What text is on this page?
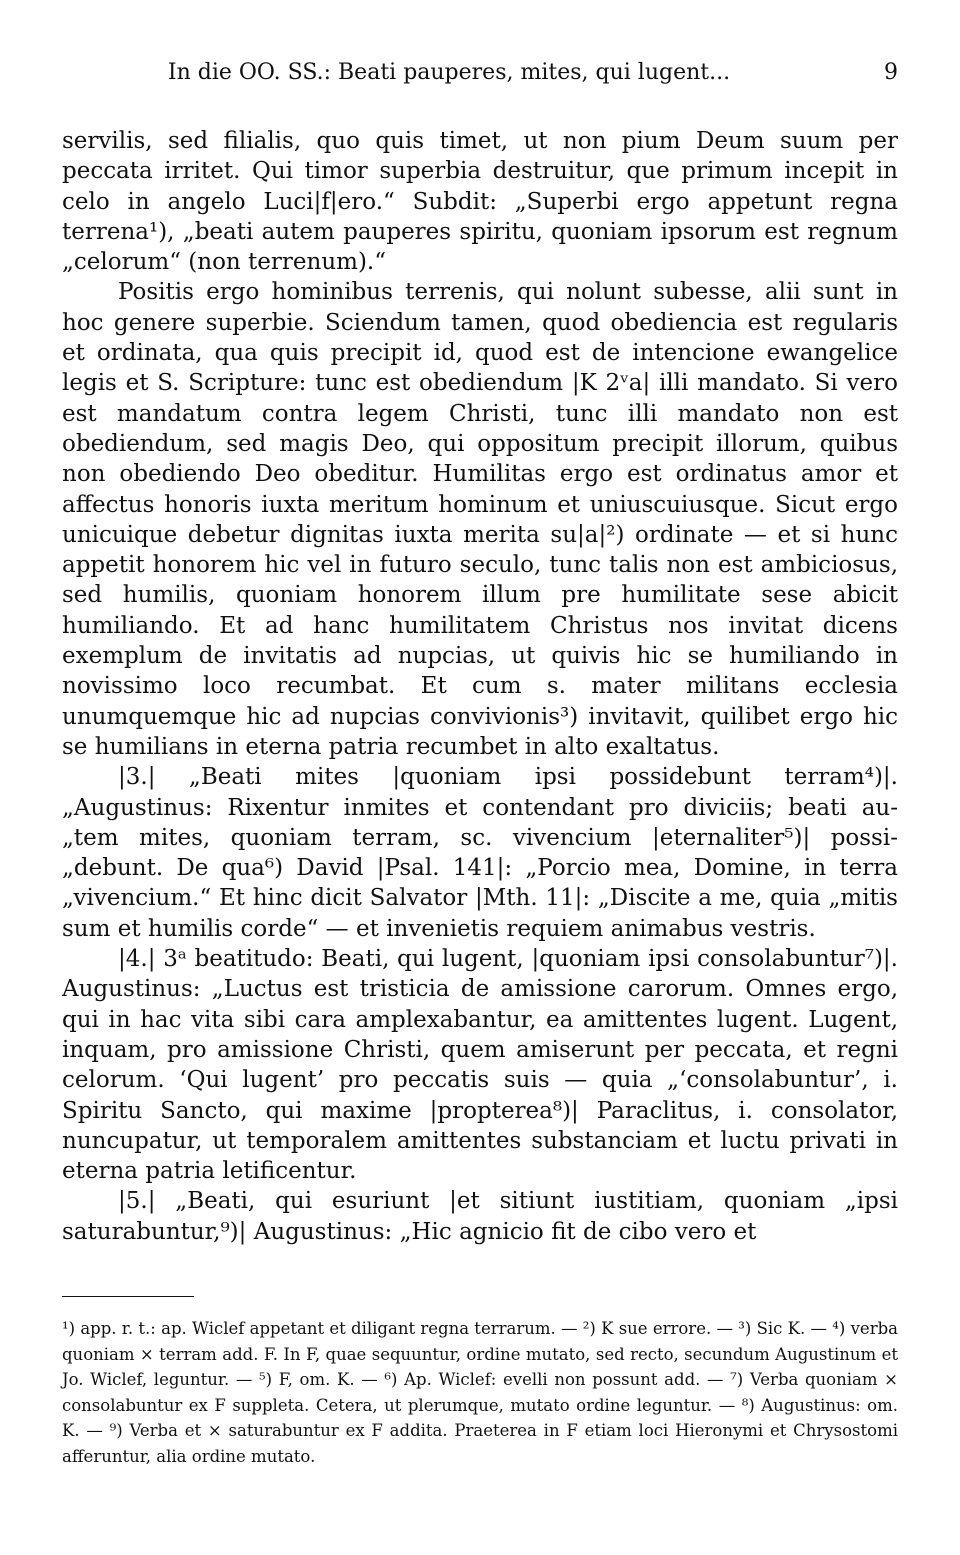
In die OO. SS.: Beati pauperes, mites, qui lugent...	9

servilis, sed filialis, quo quis timet, ut non pium Deum suum per peccata irritet. Qui timor superbia destruitur, que primum incepit in celo in angelo Luci|f|ero.“ Subdit: „Superbi ergo appetunt regna terrena¹), „beati autem pauperes spiritu, quoniam ipsorum est regnum „celorum“ (non terrenum).“

Positis ergo hominibus terrenis, qui nolunt subesse, alii sunt in hoc genere superbie. Sciendum tamen, quod obediencia est regularis et ordinata, qua quis precipit id, quod est de intencione ewangelice legis et S. Scripture: tunc est obediendum |K 2ᵛa| illi mandato. Si vero est mandatum contra legem Christi, tunc illi mandato non est obediendum, sed magis Deo, qui oppositum precipit illorum, quibus non obediendo Deo obeditur. Humilitas ergo est ordinatus amor et affectus honoris iuxta meritum hominum et uniuscuiusque. Sicut ergo unicuique debetur dignitas iuxta merita su|a|²) ordinate — et si hunc appetit honorem hic vel in futuro seculo, tunc talis non est ambiciosus, sed humilis, quoniam honorem illum pre humilitate sese abicit humiliando. Et ad hanc humilitatem Christus nos invitat dicens exemplum de invitatis ad nupcias, ut quivis hic se humiliando in novissimo loco recumbat. Et cum s. mater militans ecclesia unumquemque hic ad nupcias convivionis³) invitavit, quilibet ergo hic se humilians in eterna patria recumbet in alto exaltatus.

|3.| „Beati mites |quoniam ipsi possidebunt terram⁴)|. „Augustinus: Rixentur inmites et contendant pro diviciis; beati au- „tem mites, quoniam terram, sc. vivencium |eternaliter⁵)| possi- „debunt. De qua⁶) David |Psal. 141|: „Porcio mea, Domine, in terra „vivencium.“ Et hinc dicit Salvator |Mth. 11|: „Discite a me, quia „mitis sum et humilis corde“ — et invenietis requiem animabus vestris.

|4.| 3ᵃ beatitudo: Beati, qui lugent, |quoniam ipsi consolabuntur⁷)|. Augustinus: „Luctus est tristicia de amissione carorum. Omnes ergo, qui in hac vita sibi cara amplexabantur, ea amittentes lugent. Lugent, inquam, pro amissione Christi, quem amiserunt per peccata, et regni celorum. ‘Qui lugent’ pro peccatis suis — quia „‘consolabuntur’, i. Spiritu Sancto, qui maxime |propterea⁸)| Paraclitus, i. consolator, nuncupatur, ut temporalem amittentes substanciam et luctu privati in eterna patria letificentur.

|5.| „Beati, qui esuriunt |et sitiunt iustitiam, quoniam „ipsi saturabuntur,⁹)| Augustinus: „Hic agnicio fit de cibo vero et

¹) app. r. t.: ap. Wiclef appetant et diligant regna terrarum. — ²) K sue errore. — ³) Sic K. — ⁴) verba quoniam × terram add. F. In F, quae sequuntur, ordine mutato, sed recto, secundum Augustinum et Jo. Wiclef, leguntur. — ⁵) F, om. K. — ⁶) Ap. Wiclef: evelli non possunt add. — ⁷) Verba quoniam × consolabuntur ex F suppleta. Cetera, ut plerumque, mutato ordine leguntur. — ⁸) Augustinus: om. K. — ⁹) Verba et × saturabuntur ex F addita. Praeterea in F etiam loci Hieronymi et Chrysostomi afferuntur, alia ordine mutato.
